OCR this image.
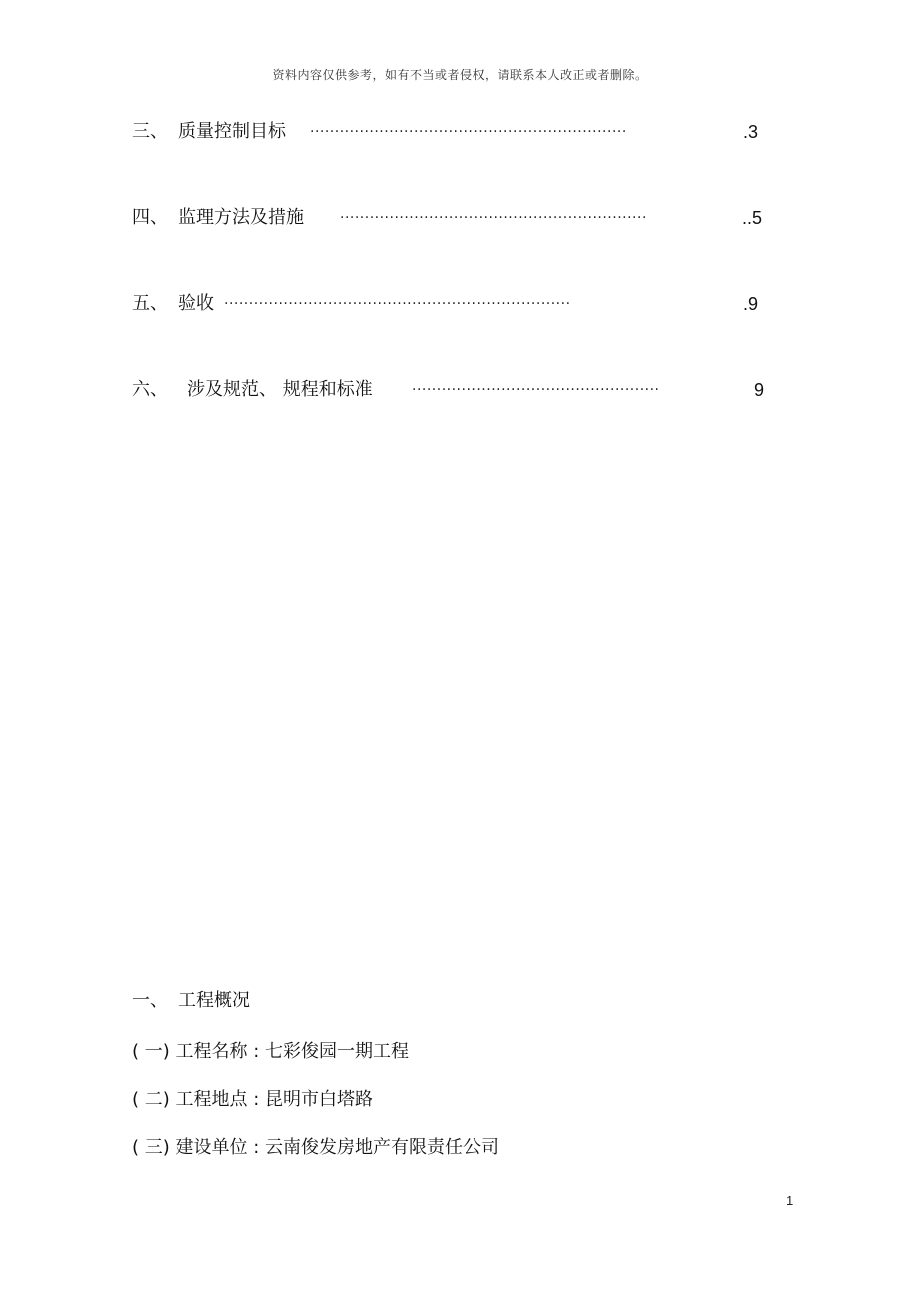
资料内容仅供参考，如有不当或者侵权，请联系本人改正或者删除。
三、 质量控制目标 ································································	.3
四、 监理方法及措施	······························································	..5
五、 验收 ······································································	.9
六、 涉及规范、 规程和标准	··················································	9
一、 工程概况
( 一) 工程名称 : 七彩俊园一期工程
( 二) 工程地点 : 昆明市白塔路
( 三) 建设单位 : 云南俊发房地产有限责任公司
1
